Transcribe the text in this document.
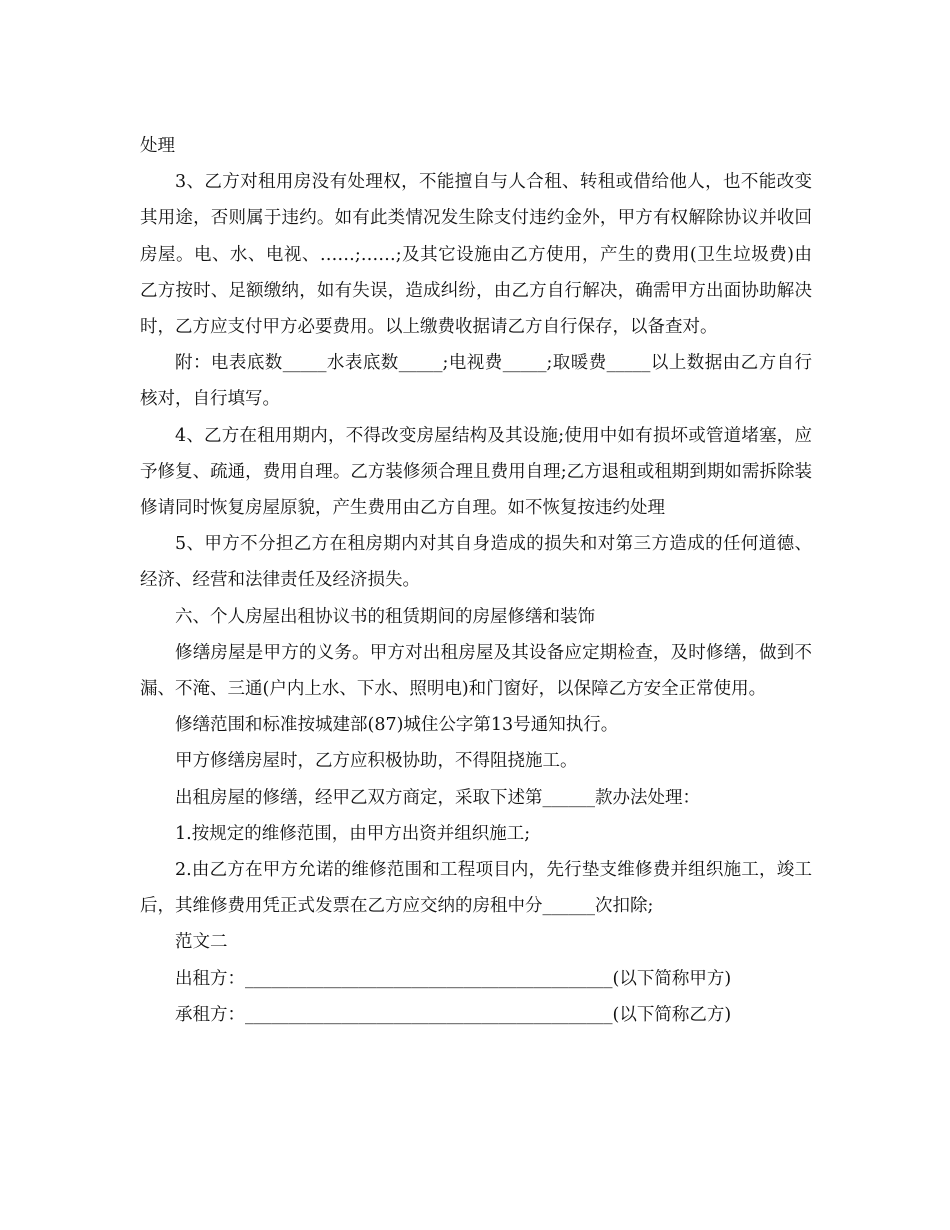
处理

3、乙方对租用房没有处理权，不能擅自与人合租、转租或借给他人，也不能改变其用途，否则属于违约。如有此类情况发生除支付违约金外，甲方有权解除协议并收回房屋。电、水、电视、……;……;及其它设施由乙方使用，产生的费用(卫生垃圾费)由乙方按时、足额缴纳，如有失误，造成纠纷，由乙方自行解决，确需甲方出面协助解决时，乙方应支付甲方必要费用。以上缴费收据请乙方自行保存，以备查对。

附：电表底数_____水表底数_____;电视费_____;取暖费_____以上数据由乙方自行核对，自行填写。

4、乙方在租用期内，不得改变房屋结构及其设施;使用中如有损坏或管道堵塞，应予修复、疏通，费用自理。乙方装修须合理且费用自理;乙方退租或租期到期如需拆除装修请同时恢复房屋原貌，产生费用由乙方自理。如不恢复按违约处理

5、甲方不分担乙方在租房期内对其自身造成的损失和对第三方造成的任何道德、经济、经营和法律责任及经济损失。

六、个人房屋出租协议书的租赁期间的房屋修缮和装饰

修缮房屋是甲方的义务。甲方对出租房屋及其设备应定期检查，及时修缮，做到不漏、不淹、三通(户内上水、下水、照明电)和门窗好，以保障乙方安全正常使用。

修缮范围和标准按城建部(87)城住公字第13号通知执行。

甲方修缮房屋时，乙方应积极协助，不得阻挠施工。

出租房屋的修缮，经甲乙双方商定，采取下述第______款办法处理：

1.按规定的维修范围，由甲方出资并组织施工;

2.由乙方在甲方允诺的维修范围和工程项目内，先行垫支维修费并组织施工，竣工后，其维修费用凭正式发票在乙方应交纳的房租中分______次扣除;

范文二

出租方：__________________________________________(以下简称甲方)

承租方：__________________________________________(以下简称乙方)
